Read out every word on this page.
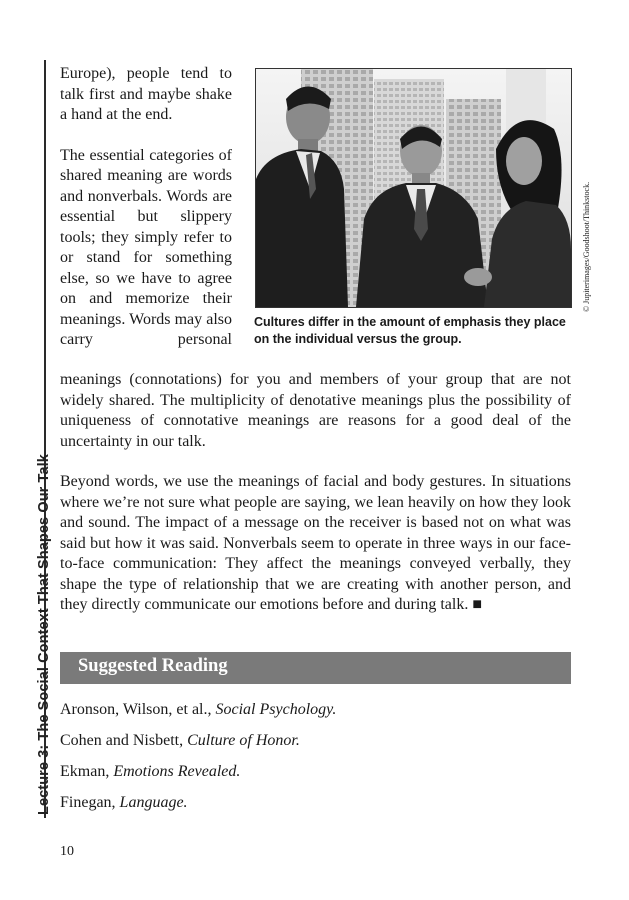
Lecture 3: The Social Context That Shapes Our Talk

Europe), people tend to talk first and maybe shake a hand at the end.

The essential categories of shared meaning are words and nonverbals. Words are essential but slippery tools; they simply refer to or stand for something else, so we have to agree on and memorize their meanings. Words may also carry personal

© Jupiterimages/Goodshoot/Thinkstock.
Cultures differ in the amount of emphasis they place on the individual versus the group.

meanings (connotations) for you and members of your group that are not widely shared. The multiplicity of denotative meanings plus the possibility of uniqueness of connotative meanings are reasons for a good deal of the uncertainty in our talk.

Beyond words, we use the meanings of facial and body gestures. In situations where we’re not sure what people are saying, we lean heavily on how they look and sound. The impact of a message on the receiver is based not on what was said but how it was said. Nonverbals seem to operate in three ways in our face-to-face communication: They affect the meanings conveyed verbally, they shape the type of relationship that we are creating with another person, and they directly communicate our emotions before and during talk. ■

Suggested Reading
Aronson, Wilson, et al., Social Psychology.
Cohen and Nisbett, Culture of Honor.
Ekman, Emotions Revealed.
Finegan, Language.
10
